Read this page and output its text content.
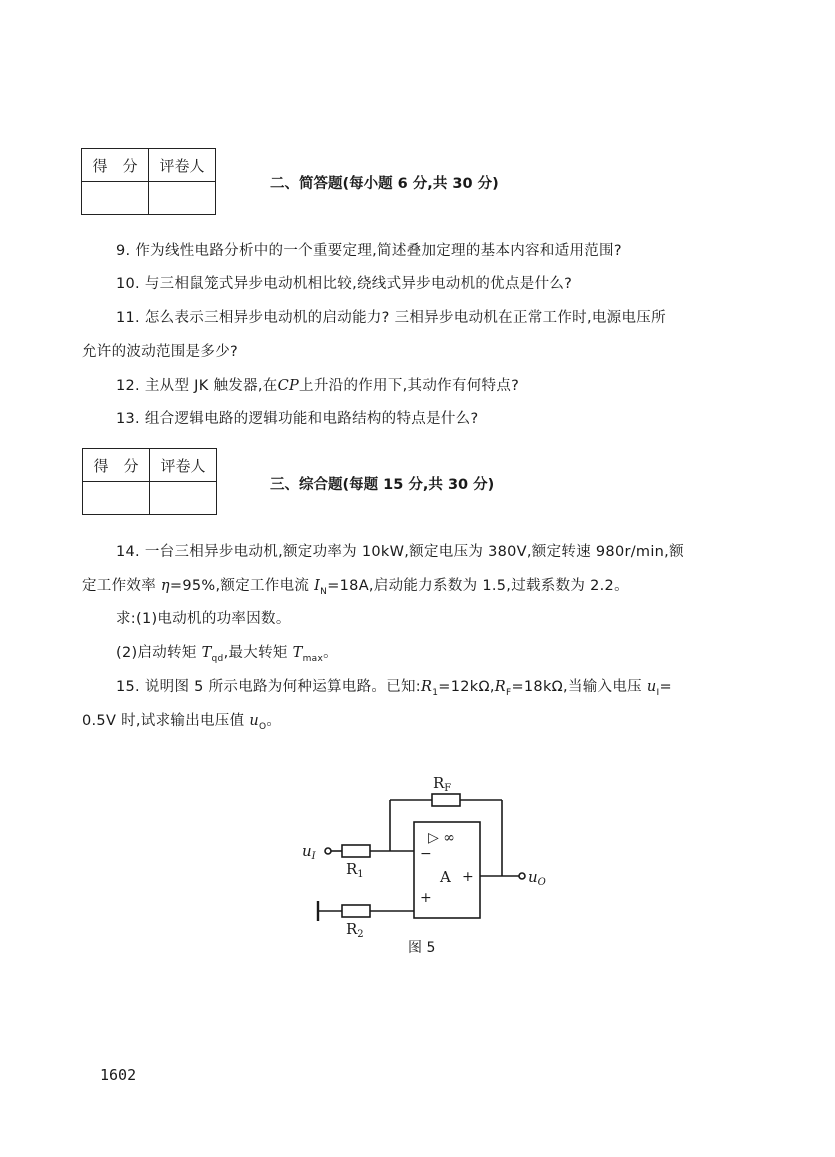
得　分	评卷人

二、简答题(每小题 6 分,共 30 分)
9. 作为线性电路分析中的一个重要定理,简述叠加定理的基本内容和适用范围?
10. 与三相鼠笼式异步电动机相比较,绕线式异步电动机的优点是什么?
11. 怎么表示三相异步电动机的启动能力? 三相异步电动机在正常工作时,电源电压所
允许的波动范围是多少?
12. 主从型 JK 触发器,在CP上升沿的作用下,其动作有何特点?
13. 组合逻辑电路的逻辑功能和电路结构的特点是什么?
得　分	评卷人

三、综合题(每题 15 分,共 30 分)
14. 一台三相异步电动机,额定功率为 10kW,额定电压为 380V,额定转速 980r/min,额
定工作效率 η=95%,额定工作电流 $I_N=18A$,启动能力系数为 1.5,过载系数为 2.2。
求:(1)电动机的功率因数。
(2)启动转矩 $T_{qd}$,最大转矩 $T_{max}$。
15. 说明图 5 所示电路为何种运算电路。已知$:R_1=12k\Omega,R_F=18k\Omega$,当输入电压 $u_I=$
0.5V 时,试求输出电压值 $u_O$。
$R_F$
$R_1$
$R_2$
$u_I$
$u_O$
▷ ∞
−
A +
+
图 5
1602
